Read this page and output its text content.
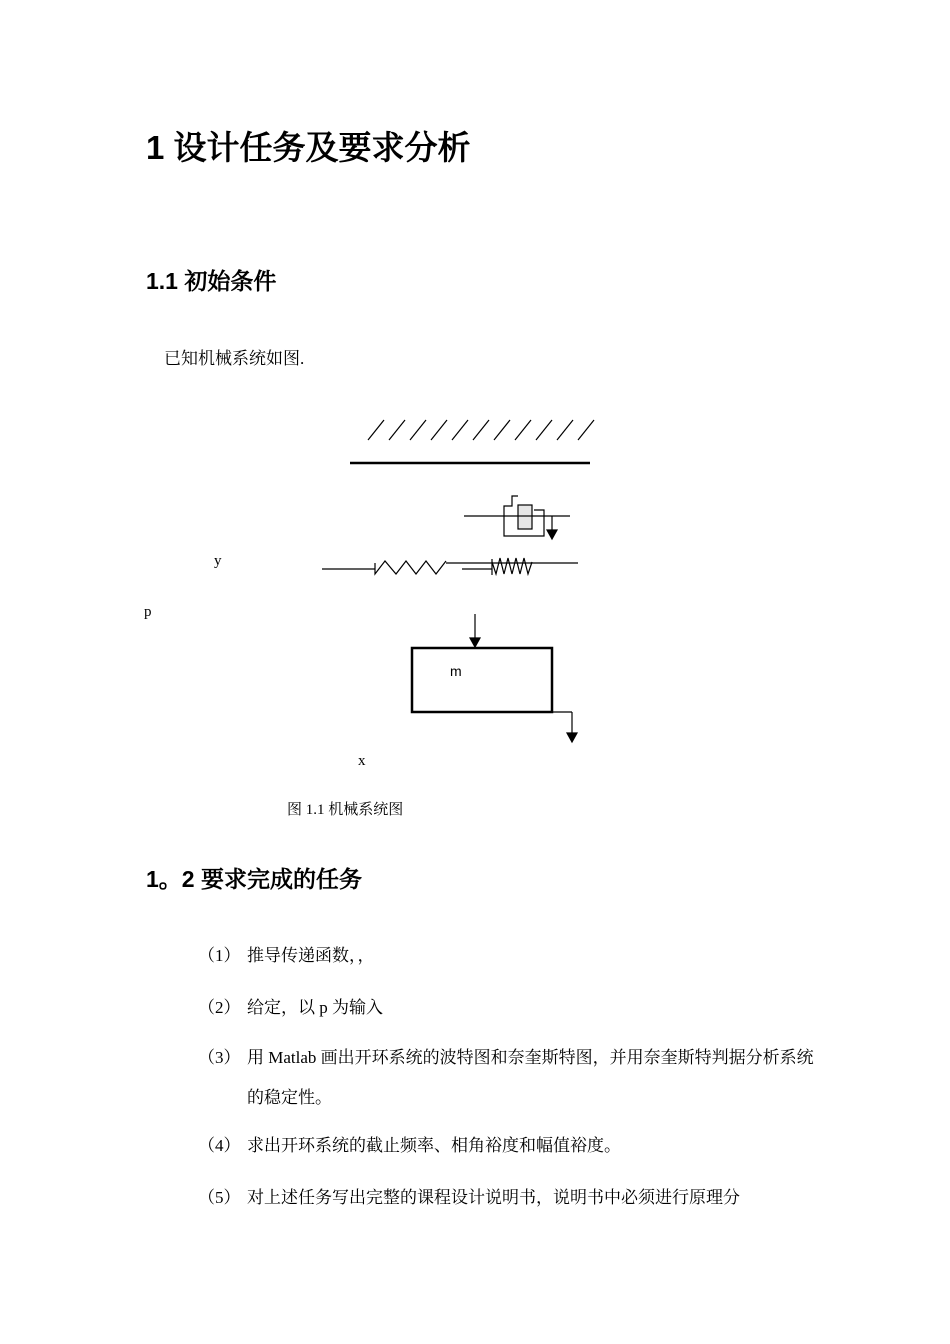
1 设计任务及要求分析
1.1 初始条件
已知机械系统如图.
y
p
m
x
图 1.1 机械系统图
1。2 要求完成的任务
（1） 推导传递函数，，
（2） 给定，以 p 为输入
（3） 用 Matlab 画出开环系统的波特图和奈奎斯特图，并用奈奎斯特判据分析系统的稳定性。
（4） 求出开环系统的截止频率、相角裕度和幅值裕度。
（5） 对上述任务写出完整的课程设计说明书，说明书中必须进行原理分
